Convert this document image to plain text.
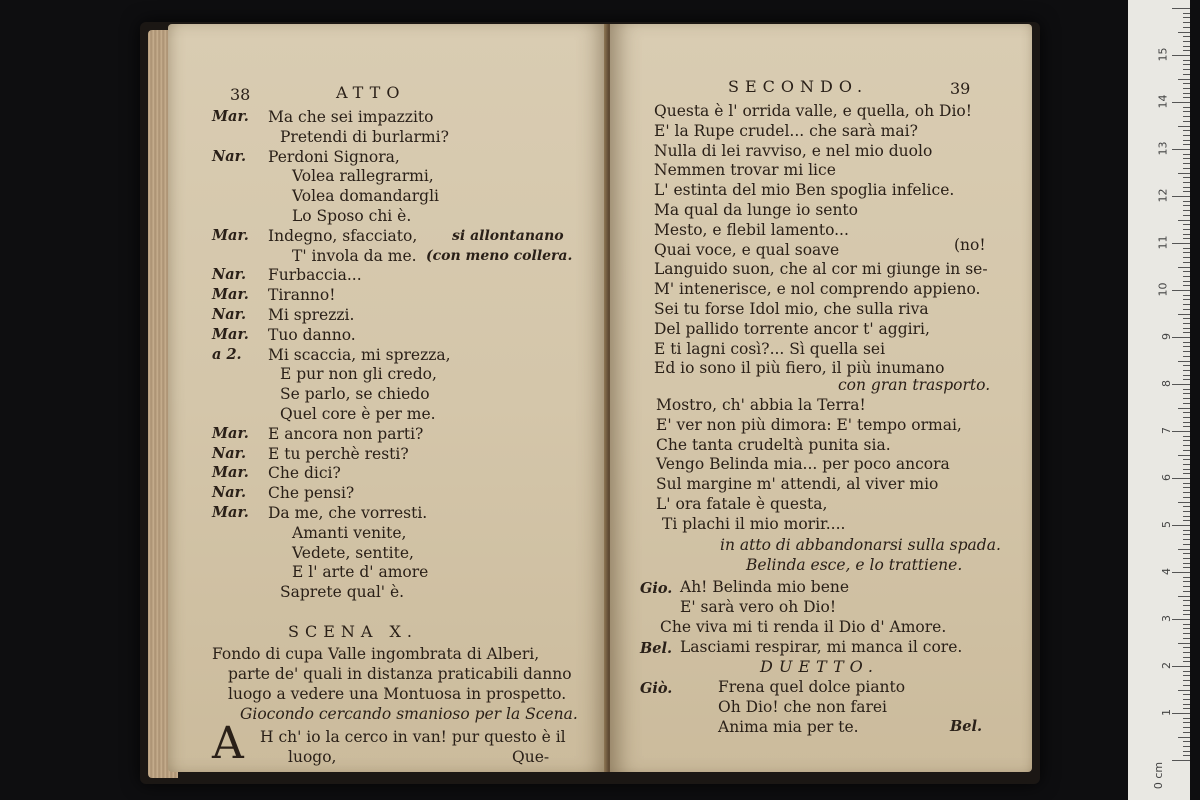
38	ATTO
Mar. Ma che sei impazzito
Pretendi di burlarmi?
Nar. Perdoni Signora,
Volea rallegrarmi,
Volea domandargli
Lo Sposo chi è.
Mar. Indegno, sfacciato, si allontanano
T' invola da me. (con meno collera.
Nar. Furbaccia...
Mar. Tiranno!
Nar. Mi sprezzi.
Mar. Tuo danno.
a 2. Mi scaccia, mi sprezza,
E pur non gli credo,
Se parlo, se chiedo
Quel core è per me.
Mar. E ancora non parti?
Nar. E tu perchè resti?
Mar. Che dici?
Nar. Che pensi?
Mar. Da me, che vorresti.
Amanti venite,
Vedete, sentite,
E l' arte d' amore
Saprete qual' è.
SCENA X.
Fondo di cupa Valle ingombrata di Alberi,
parte de' quali in distanza praticabili danno
luogo a vedere una Montuosa in prospetto.
Giocondo cercando smanioso per la Scena.
A H ch' io la cerco in van! pur questo è il
luogo,	Que-
SECONDO.	39
Questa è l' orrida valle, e quella, oh Dio!
E' la Rupe crudel... che sarà mai?
Nulla di lei ravviso, e nel mio duolo
Nemmen trovar mi lice
L' estinta del mio Ben spoglia infelice.
Ma qual da lunge io sento
Mesto, e flebil lamento...
Quai voce, e qual soave
Languido suon, che al cor mi giunge in se-
M' intenerisce, e nol comprendo appieno.
Sei tu forse Idol mio, che sulla riva
Del pallido torrente ancor t' aggiri,
E ti lagni così?... Sì quella sei
Ed io sono il più fiero, il più inumano
(no!
con gran trasporto.
Mostro, ch' abbia la Terra!
E' ver non più dimora: E' tempo ormai,
Che tanta crudeltà punita sia.
Vengo Belinda mia... per poco ancora
Sul margine m' attendi, al viver mio
L' ora fatale è questa,
Ti plachi il mio morir....
in atto di abbandonarsi sulla spada.
Belinda esce, e lo trattiene.
Gio. Ah! Belinda mio bene
E' sarà vero oh Dio!
Che viva mi ti renda il Dio d' Amore.
Bel. Lasciami respirar, mi manca il core.
DUETTO.
Giò.	Frena quel dolce pianto
Oh Dio! che non farei
Anima mia per te.	Bel.
0 cm
1
2
3
4
5
6
7
8
9
10
11
12
13
14
15
